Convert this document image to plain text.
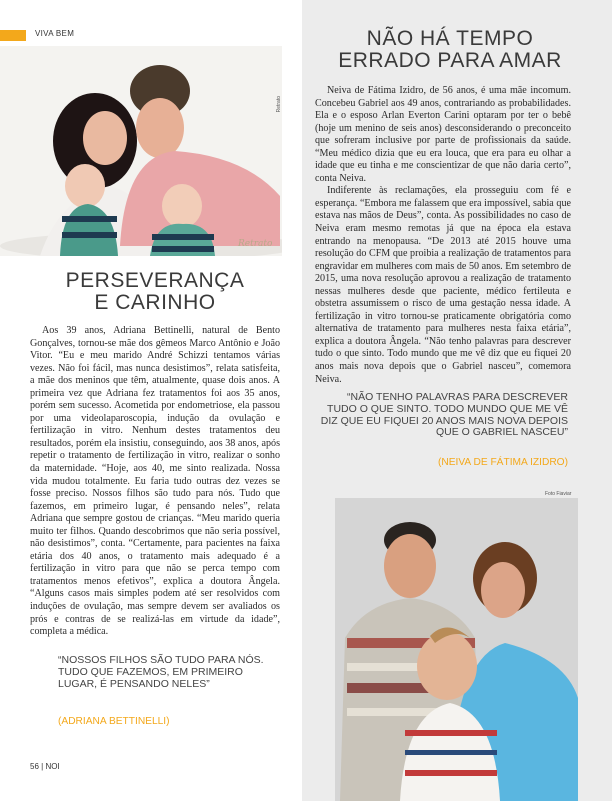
VIVA BEM
Retrato
Retrato
PERSEVERANÇA
E CARINHO

Aos 39 anos, Adriana Bettinelli, natural de Bento Gonçalves, tornou-se mãe dos gêmeos Marco Antônio e João Vitor. “Eu e meu marido André Schizzi tentamos várias vezes. Não foi fácil, mas nunca desistimos”, relata satisfeita, a mãe dos meninos que têm, atualmente, quase dois anos. A primeira vez que Adriana fez tratamentos foi aos 35 anos, porém sem sucesso. Acometida por endometriose, ela passou por uma videolaparoscopia, indução da ovulação e fertilização in vitro. Nenhum destes tratamentos deu resultados, porém ela insistiu, conseguindo, aos 38 anos, após repetir o tratamento de fertilização in vitro, realizar o sonho da maternidade. “Hoje, aos 40, me sinto realizada. Nossa vida mudou totalmente. Eu faria tudo outras dez vezes se fosse preciso. Nossos filhos são tudo para nós. Tudo que fazemos, em primeiro lugar, é pensando neles”, relata Adriana que sempre gostou de crianças. “Meu marido queria muito ter filhos. Quando descobrimos que não seria possível, não desistimos”, conta. “Certamente, para pacientes na faixa etária dos 40 anos, o tratamento mais adequado é a fertilização in vitro para que não se perca tempo com tratamentos menos efetivos”, explica a doutora Ângela. “Alguns casos mais simples podem até ser resolvidos com induções de ovulação, mas sempre devem ser avaliados os prós e contras de se realizá-las em virtude da idade”, completa a médica.

“NOSSOS FILHOS SÃO TUDO PARA NÓS. TUDO QUE FAZEMOS, EM PRIMEIRO LUGAR, É PENSANDO NELES”
(ADRIANA BETTINELLI)
NÃO HÁ TEMPO
ERRADO PARA AMAR

Neiva de Fátima Izidro, de 56 anos, é uma mãe incomum. Concebeu Gabriel aos 49 anos, contrariando as probabilidades. Ela e o esposo Arlan Everton Carini optaram por ter o bebê (hoje um menino de seis anos) desconsiderando o preconceito que sofreram inclusive por parte de profissionais da saúde. “Meu médico dizia que eu era louca, que era para eu olhar a idade que eu tinha e me conscientizar de que não daria certo”, conta Neiva.

Indiferente às reclamações, ela prosseguiu com fé e esperança. “Embora me falassem que era impossível, sabia que estava nas mãos de Deus”, conta. As possibilidades no caso de Neiva eram mesmo remotas já que na época ela estava entrando na menopausa. “De 2013 até 2015 houve uma resolução do CFM que proibia a realização de tratamentos para engravidar em mulheres com mais de 50 anos. Em setembro de 2015, uma nova resolução aprovou a realização de tratamento nessas mulheres desde que paciente, médico fertileuta e obstetra assumissem o risco de uma gestação nessa idade. A fertilização in vitro tornou-se praticamente obrigatória como alternativa de tratamento para mulheres nesta faixa etária”, explica a doutora Ângela. “Não tenho palavras para descrever tudo o que sinto. Todo mundo que me vê diz que eu fiquei 20 anos mais nova depois que o Gabriel nasceu”, comemora Neiva.

“NÃO TENHO PALAVRAS PARA DESCREVER TUDO O QUE SINTO. TODO MUNDO QUE ME VÊ DIZ QUE EU FIQUEI 20 ANOS MAIS NOVA DEPOIS QUE O GABRIEL NASCEU”
(NEIVA DE FÁTIMA IZIDRO)
Foto Fiaviar
56 | NOI
